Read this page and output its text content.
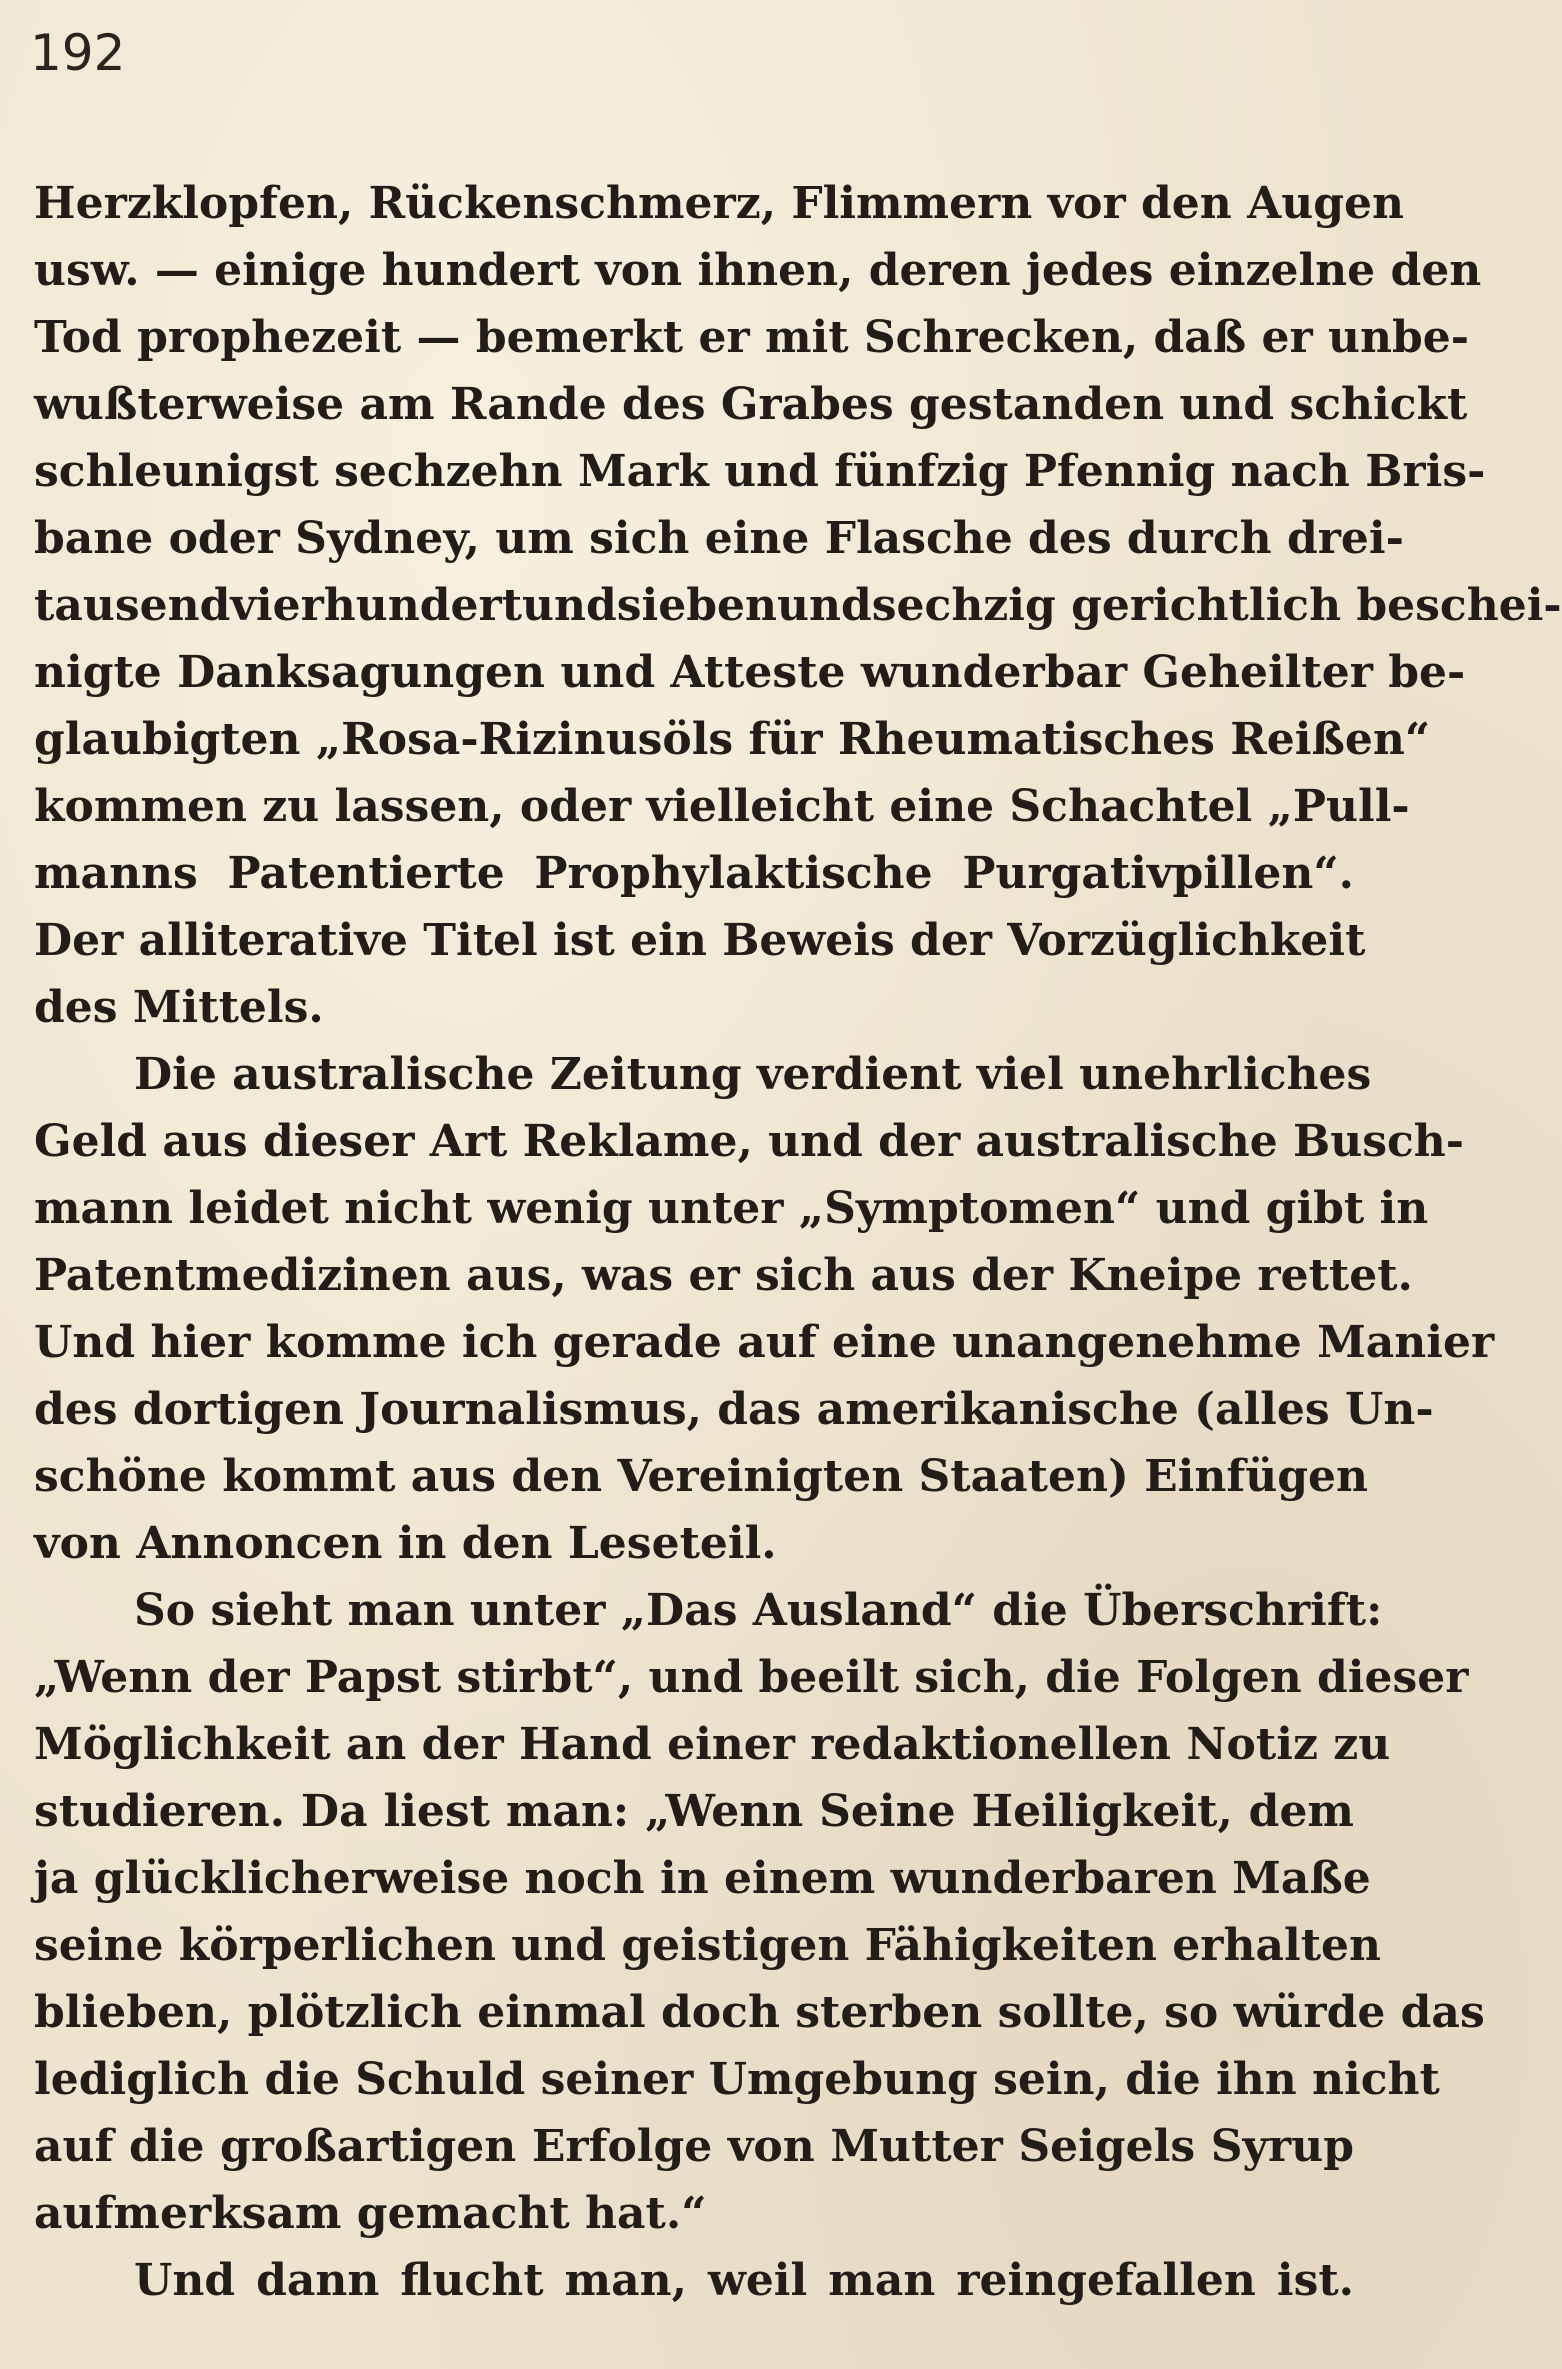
192
Herzklopfen, Rückenschmerz, Flimmern vor den Augen
usw. — einige hundert von ihnen, deren jedes einzelne den
Tod prophezeit — bemerkt er mit Schrecken, daß er unbe-
wußterweise am Rande des Grabes gestanden und schickt
schleunigst sechzehn Mark und fünfzig Pfennig nach Bris-
bane oder Sydney, um sich eine Flasche des durch drei-
tausendvierhundertundsiebenundsechzig gerichtlich beschei-
nigte Danksagungen und Atteste wunderbar Geheilter be-
glaubigten „Rosa-Rizinusöls für Rheumatisches Reißen“
kommen zu lassen, oder vielleicht eine Schachtel „Pull-
manns Patentierte Prophylaktische Purgativpillen“.
Der alliterative Titel ist ein Beweis der Vorzüglichkeit
des Mittels.
Die australische Zeitung verdient viel unehrliches
Geld aus dieser Art Reklame, und der australische Busch-
mann leidet nicht wenig unter „Symptomen“ und gibt in
Patentmedizinen aus, was er sich aus der Kneipe rettet.
Und hier komme ich gerade auf eine unangenehme Manier
des dortigen Journalismus, das amerikanische (alles Un-
schöne kommt aus den Vereinigten Staaten) Einfügen
von Annoncen in den Leseteil.
So sieht man unter „Das Ausland“ die Überschrift:
„Wenn der Papst stirbt“, und beeilt sich, die Folgen dieser
Möglichkeit an der Hand einer redaktionellen Notiz zu
studieren. Da liest man: „Wenn Seine Heiligkeit, dem
ja glücklicherweise noch in einem wunderbaren Maße
seine körperlichen und geistigen Fähigkeiten erhalten
blieben, plötzlich einmal doch sterben sollte, so würde das
lediglich die Schuld seiner Umgebung sein, die ihn nicht
auf die großartigen Erfolge von Mutter Seigels Syrup
aufmerksam gemacht hat.“
Und dann flucht man, weil man reingefallen ist.
